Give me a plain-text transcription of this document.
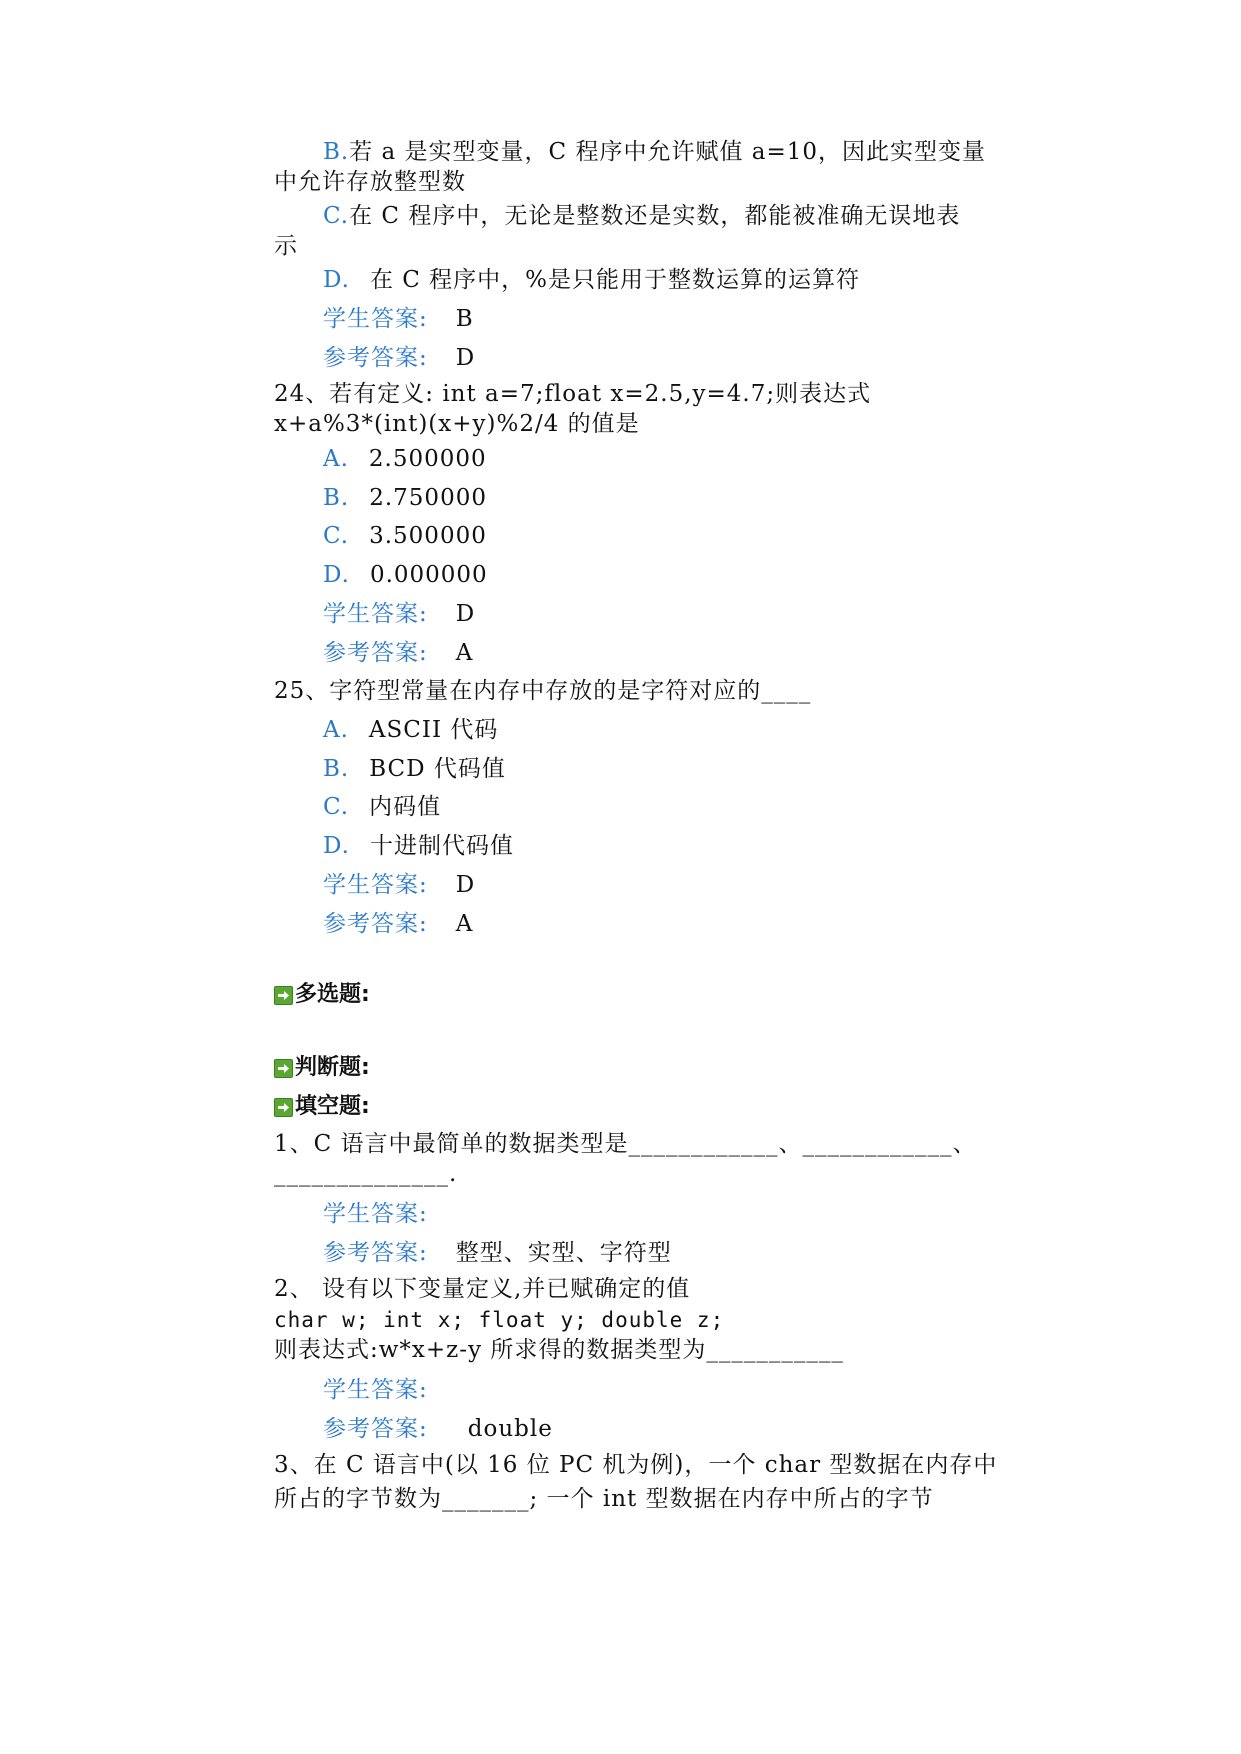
B.若 a 是实型变量，C 程序中允许赋值 a=10，因此实型变量
中允许存放整型数
C.在 C 程序中，无论是整数还是实数，都能被准确无误地表
示
D. 在 C 程序中，%是只能用于整数运算的运算符
学生答案: B
参考答案: D
24、若有定义: int a=7;float x=2.5,y=4.7;则表达式
x+a%3*(int)(x+y)%2/4 的值是
A. 2.500000
B. 2.750000
C. 3.500000
D. 0.000000
学生答案: D
参考答案: A
25、字符型常量在内存中存放的是字符对应的____
A. ASCII 代码
B. BCD 代码值
C. 内码值
D. 十进制代码值
学生答案: D
参考答案: A
多选题:
判断题:
填空题:
1、C 语言中最简单的数据类型是____________、____________、
______________.
学生答案:
参考答案: 整型、实型、字符型
2、 设有以下变量定义,并已赋确定的值
char w; int x; float y; double z;
则表达式:w*x+z-y 所求得的数据类型为___________
学生答案:
参考答案: double
3、在 C 语言中(以 16 位 PC 机为例)，一个 char 型数据在内存中
所占的字节数为_______; 一个 int 型数据在内存中所占的字节
